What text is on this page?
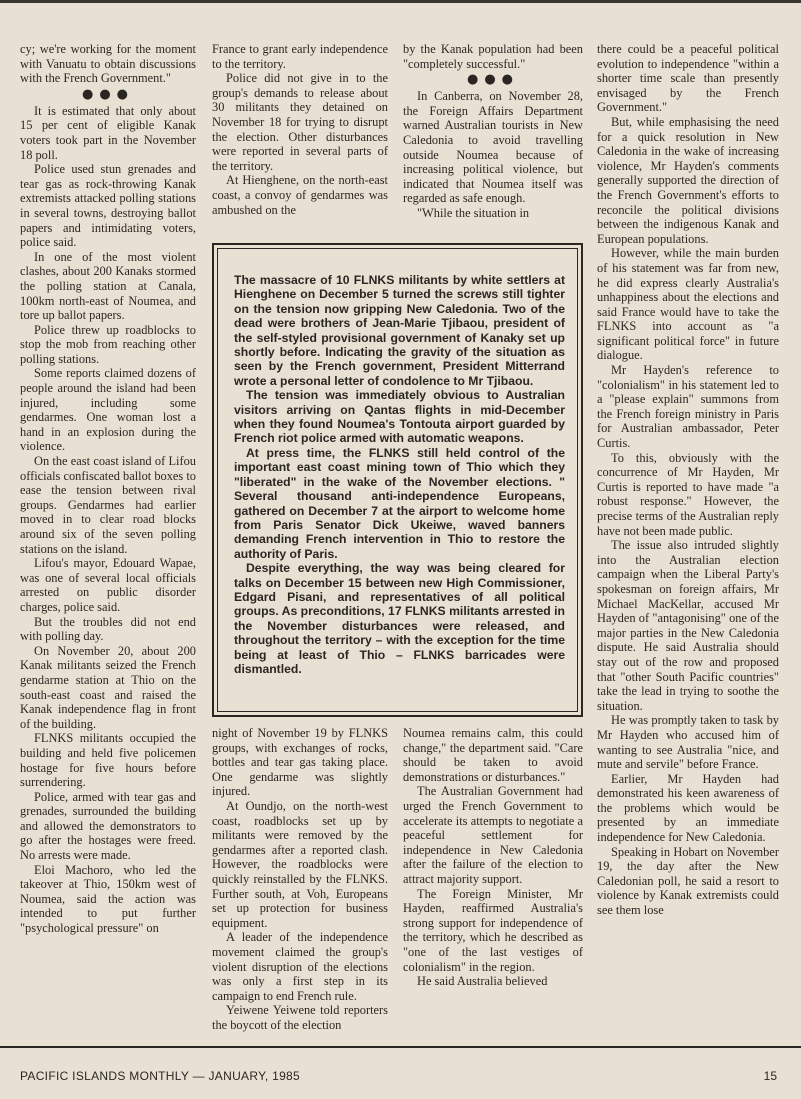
cy; we're working for the moment with Vanuatu to obtain discussions with the French Government."

●●●

It is estimated that only about 15 per cent of eligible Kanak voters took part in the November 18 poll.

Police used stun grenades and tear gas as rock-throwing Kanak extremists attacked polling stations in several towns, destroying ballot papers and intimidating voters, police said.

In one of the most violent clashes, about 200 Kanaks stormed the polling station at Canala, 100km north-east of Noumea, and tore up ballot papers.

Police threw up roadblocks to stop the mob from reaching other polling stations.

Some reports claimed dozens of people around the island had been injured, including some gendarmes. One woman lost a hand in an explosion during the violence.

On the east coast island of Lifou officials confiscated ballot boxes to ease the tension between rival groups. Gendarmes had earlier moved in to clear road blocks around six of the seven polling stations on the island.

Lifou's mayor, Edouard Wapae, was one of several local officials arrested on public disorder charges, police said.

But the troubles did not end with polling day.

On November 20, about 200 Kanak militants seized the French gendarme station at Thio on the south-east coast and raised the Kanak independence flag in front of the building.

FLNKS militants occupied the building and held five policemen hostage for five hours before surrendering.

Police, armed with tear gas and grenades, surrounded the building and allowed the demonstrators to go after the hostages were freed. No arrests were made.

Eloi Machoro, who led the takeover at Thio, 150km west of Noumea, said the action was intended to put further "psychological pressure" on

France to grant early independence to the territory.

Police did not give in to the group's demands to release about 30 militants they detained on November 18 for trying to disrupt the election. Other disturbances were reported in several parts of the territory.

At Hienghene, on the north-east coast, a convoy of gendarmes was ambushed on the

by the Kanak population had been "completely successful."

●●●

In Canberra, on November 28, the Foreign Affairs Department warned Australian tourists in New Caledonia to avoid travelling outside Noumea because of increasing political violence, but indicated that Noumea itself was regarded as safe enough.

"While the situation in

there could be a peaceful political evolution to independence "within a shorter time scale than presently envisaged by the French Government."

But, while emphasising the need for a quick resolution in New Caledonia in the wake of increasing violence, Mr Hayden's comments generally supported the direction of the French Government's efforts to reconcile the political divisions between the indigenous Kanak and European populations.

However, while the main burden of his statement was far from new, he did express clearly Australia's unhappiness about the elections and said France would have to take the FLNKS into account as "a significant political force" in future dialogue.

Mr Hayden's reference to "colonialism" in his statement led to a "please explain" summons from the French foreign ministry in Paris for Australian ambassador, Peter Curtis.

To this, obviously with the concurrence of Mr Hayden, Mr Curtis is reported to have made "a robust response." However, the precise terms of the Australian reply have not been made public.

The issue also intruded slightly into the Australian election campaign when the Liberal Party's spokesman on foreign affairs, Mr Michael MacKellar, accused Mr Hayden of "antagonising" one of the major parties in the New Caledonia dispute. He said Australia should stay out of the row and proposed that "other South Pacific countries" take the lead in trying to soothe the situation.

He was promptly taken to task by Mr Hayden who accused him of wanting to see Australia "nice, and mute and servile" before France.

Earlier, Mr Hayden had demonstrated his keen awareness of the problems which would be presented by an immediate independence for New Caledonia.

Speaking in Hobart on November 19, the day after the New Caledonian poll, he said a resort to violence by Kanak extremists could see them lose

The massacre of 10 FLNKS militants by white settlers at Hienghene on December 5 turned the screws still tighter on the tension now gripping New Caledonia. Two of the dead were brothers of Jean-Marie Tjibaou, president of the self-styled provisional government of Kanaky set up shortly before. Indicating the gravity of the situation as seen by the French government, President Mitterrand wrote a personal letter of condolence to Mr Tjibaou.

The tension was immediately obvious to Australian visitors arriving on Qantas flights in mid-December when they found Noumea's Tontouta airport guarded by French riot police armed with automatic weapons.

At press time, the FLNKS still held control of the important east coast mining town of Thio which they "liberated" in the wake of the November elections. " Several thousand anti-independence Europeans, gathered on December 7 at the airport to welcome home from Paris Senator Dick Ukeiwe, waved banners demanding French intervention in Thio to restore the authority of Paris.

Despite everything, the way was being cleared for talks on December 15 between new High Commissioner, Edgard Pisani, and representatives of all political groups. As preconditions, 17 FLNKS militants arrested in the November disturbances were released, and throughout the territory – with the exception for the time being at least of Thio – FLNKS barricades were dismantled.

night of November 19 by FLNKS groups, with exchanges of rocks, bottles and tear gas taking place. One gendarme was slightly injured.

At Oundjo, on the north-west coast, roadblocks set up by militants were removed by the gendarmes after a reported clash. However, the roadblocks were quickly reinstalled by the FLNKS. Further south, at Voh, Europeans set up protection for business equipment.

A leader of the independence movement claimed the group's violent disruption of the elections was only a first step in its campaign to end French rule.

Yeiwene Yeiwene told reporters the boycott of the election

Noumea remains calm, this could change," the department said. "Care should be taken to avoid demonstrations or disturbances."

The Australian Government had urged the French Government to accelerate its attempts to negotiate a peaceful settlement for independence in New Caledonia after the failure of the election to attract majority support.

The Foreign Minister, Mr Hayden, reaffirmed Australia's strong support for independence of the territory, which he described as "one of the last vestiges of colonialism" in the region.

He said Australia believed

PACIFIC ISLANDS MONTHLY — JANUARY, 1985	15
